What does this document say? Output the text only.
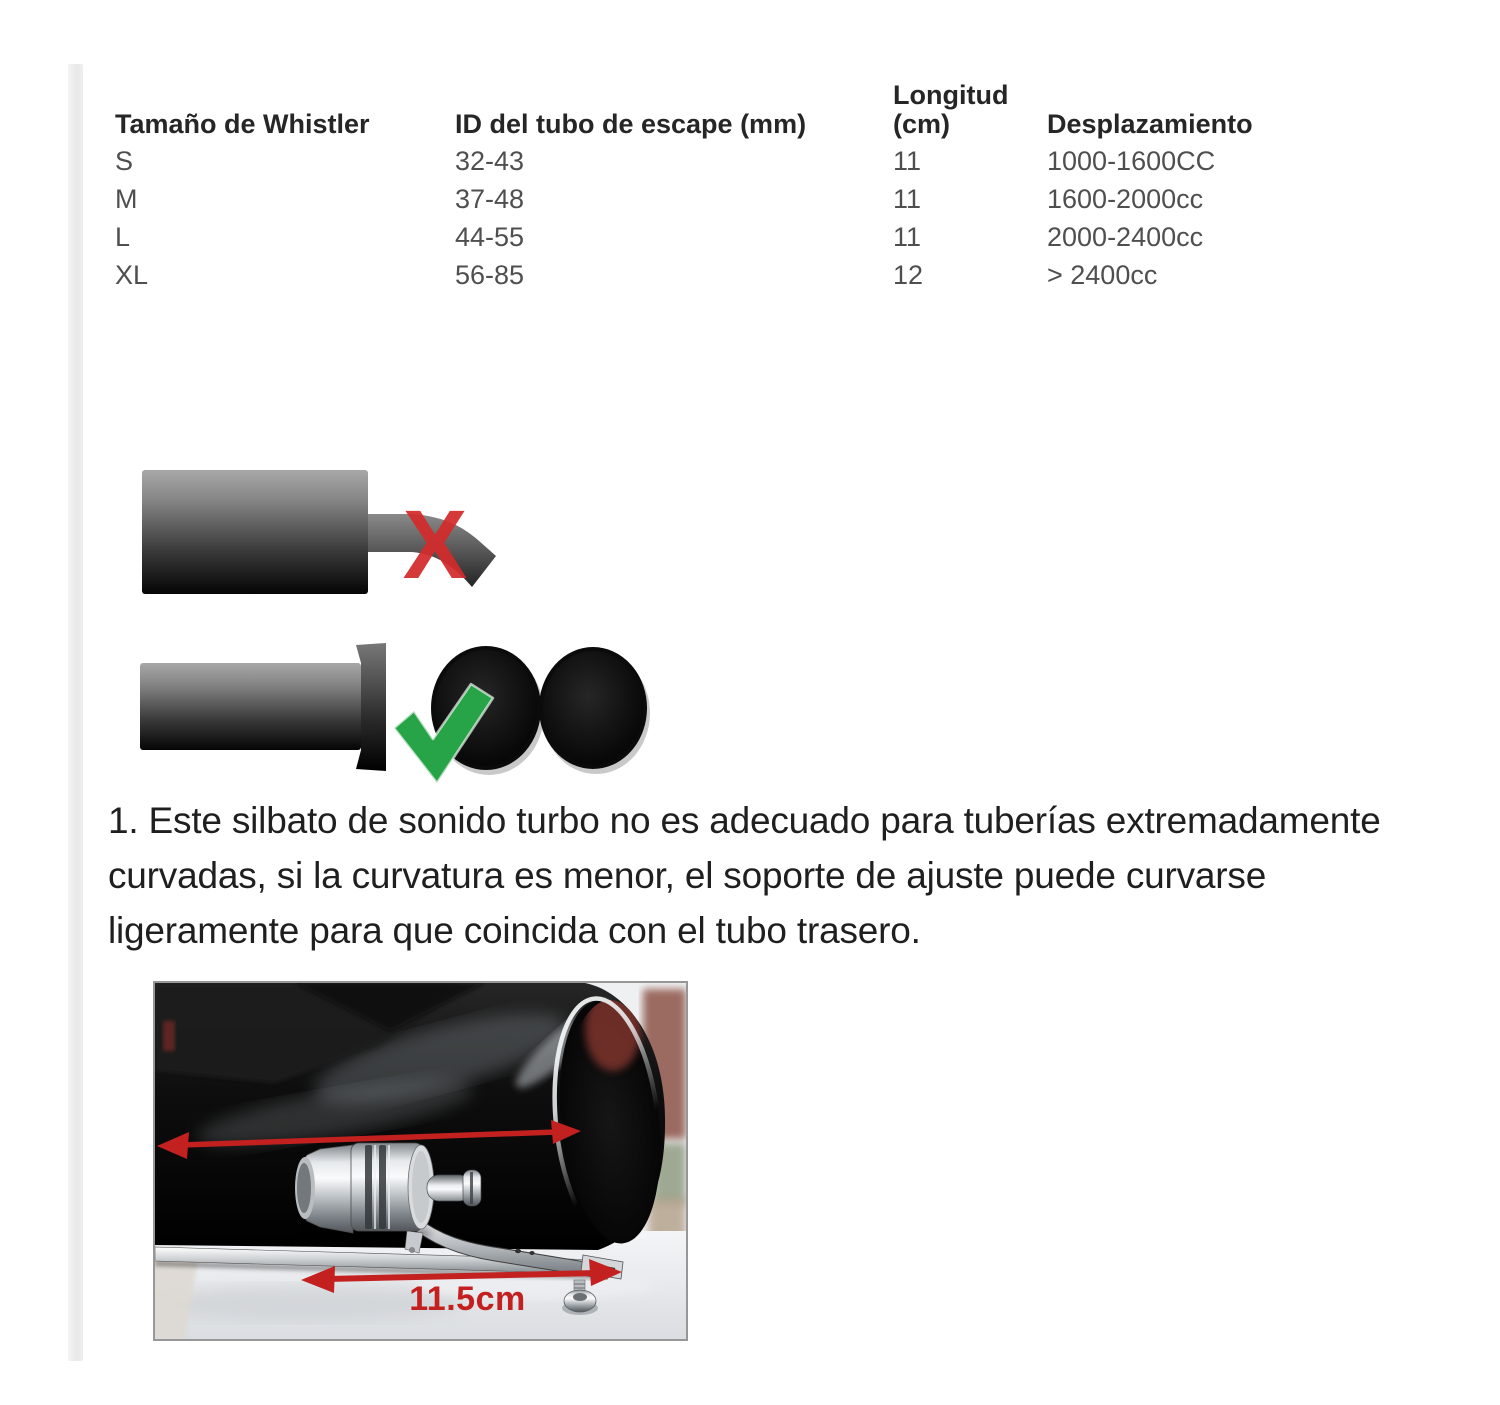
Tamaño de Whistler
S
M
L
XL
ID del tubo de escape (mm)
32-43
37-48
44-55
56-85
Longitud (cm)
11
11
11
12
Desplazamiento
1000-1600CC
1600-2000cc
2000-2400cc
> 2400cc
X
1. Este silbato de sonido turbo no es adecuado para tuberías extremadamente
curvadas, si la curvatura es menor, el soporte de ajuste puede curvarse
ligeramente para que coincida con el tubo trasero.
11.5cm
